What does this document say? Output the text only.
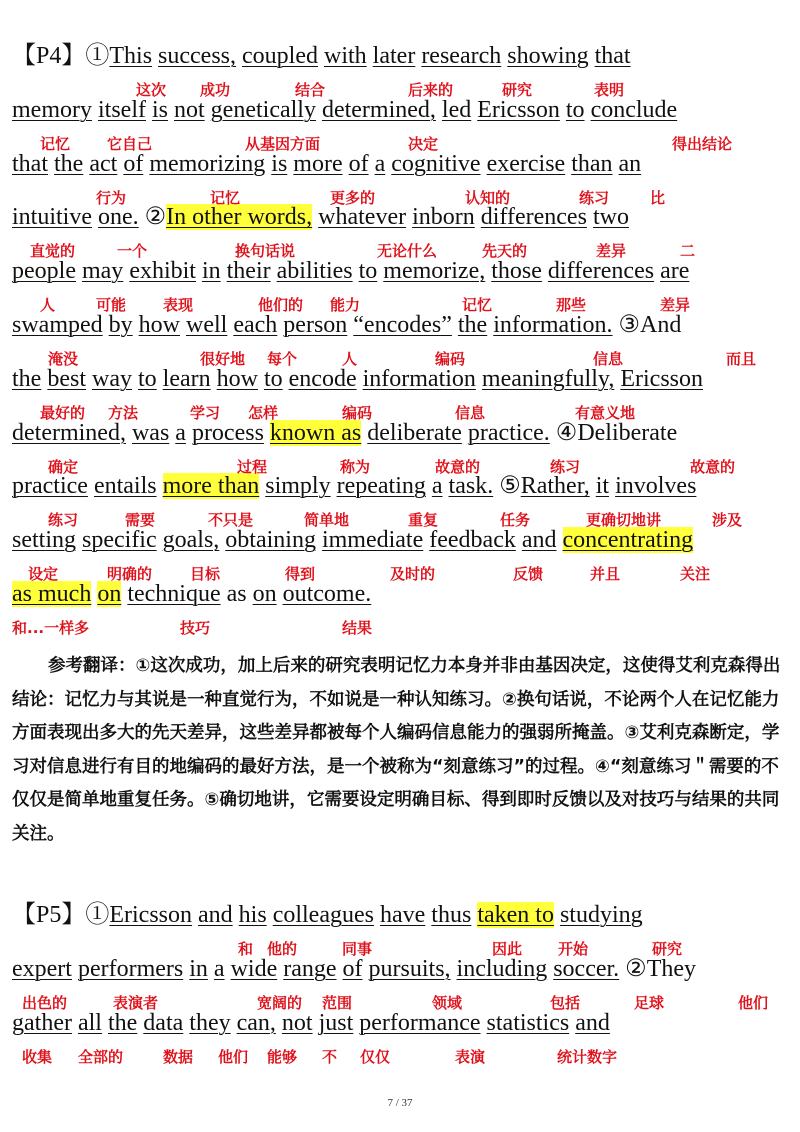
【P4】①This success, coupled with later research showing that
memory itself is not genetically determined, led Ericsson to conclude
that the act of memorizing is more of a cognitive exercise than an
intuitive one. ②In other words, whatever inborn differences two
people may exhibit in their abilities to memorize, those differences are
swamped by how well each person “encodes” the information. ③And
the best way to learn how to encode information meaningfully, Ericsson
determined, was a process known as deliberate practice. ④Deliberate
practice entails more than simply repeating a task. ⑤Rather, it involves
setting specific goals, obtaining immediate feedback and concentrating
as much on technique as on outcome.
这次 成功	结合	后来的	研究	表明
记忆 它自己	从基因方面	决定	得出结论
行为	记忆	更多的	认知的	练习	比
直觉的	一个	换句话说	无论什么	先天的	差异	二
人	可能 表现	他们的 能力	记忆	那些	差异
淹没	很好地 每个	人	编码	信息	而且
最好的 方法	学习 怎样	编码	信息	有意义地
确定	过程	称为	故意的	练习	故意的
练习	需要	不只是	简单地	重复	任务	更确切地讲	涉及
设定	明确的	目标	得到	及时的	反馈	并且	关注
和...一样多	技巧	结果
参考翻译：①这次成功，加上后来的研究表明记忆力本身并非由基因决定，这使得艾利克森得出结论：记忆力与其说是一种直觉行为，不如说是一种认知练习。②换句话说，不论两个人在记忆能力方面表现出多大的先天差异，这些差异都被每个人编码信息能力的强弱所掩盖。③艾利克森断定，学习对信息进行有目的地编码的最好方法，是一个被称为“刻意练习”的过程。④“刻意练习＂需要的不仅仅是简单地重复任务。⑤确切地讲，它需要设定明确目标、得到即时反馈以及对技巧与结果的共同关注。
【P5】①Ericsson and his colleagues have thus taken to studying
expert performers in a wide range of pursuits, including soccer. ②They
gather all the data they can, not just performance statistics and
和 他的	同事	因此 开始	研究
出色的	表演者	宽阔的 范围	领域	包括	足球	他们
收集 全部的	数据 他们 能够 不 仅仅	表演	统计数字
7 / 37
